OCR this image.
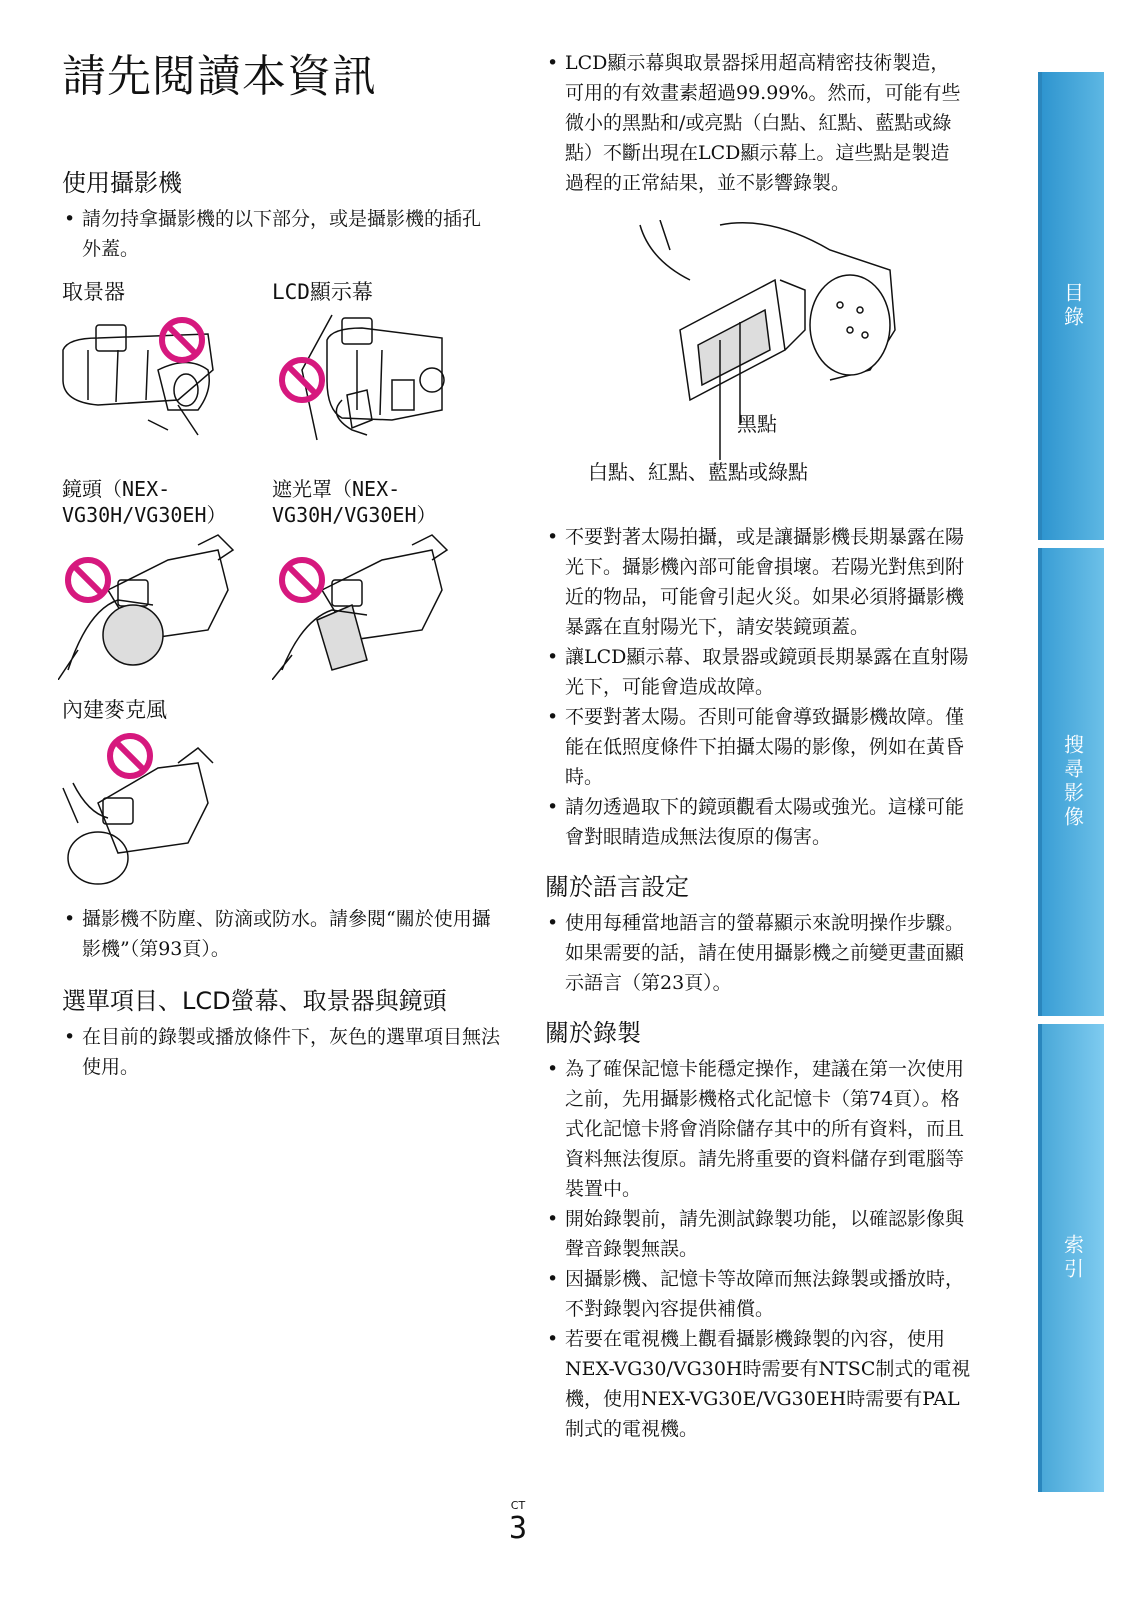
請先閱讀本資訊
使用攝影機
• 請勿持拿攝影機的以下部分，或是攝影機的插孔外蓋。
取景器	LCD顯示幕
鏡頭（NEX-VG30H/VG30EH）
遮光罩（NEX-VG30H/VG30EH）
內建麥克風
• 攝影機不防塵、防滴或防水。請參閱“關於使用攝影機”（第93頁）。
選單項目、LCD螢幕、取景器與鏡頭
• 在目前的錄製或播放條件下，灰色的選單項目無法使用。
• LCD顯示幕與取景器採用超高精密技術製造，可用的有效畫素超過99.99%。然而，可能有些微小的黑點和/或亮點（白點、紅點、藍點或綠點）不斷出現在LCD顯示幕上。這些點是製造過程的正常結果，並不影響錄製。
黑點
白點、紅點、藍點或綠點
• 不要對著太陽拍攝，或是讓攝影機長期暴露在陽光下。攝影機內部可能會損壞。若陽光對焦到附近的物品，可能會引起火災。如果必須將攝影機暴露在直射陽光下，請安裝鏡頭蓋。
• 讓LCD顯示幕、取景器或鏡頭長期暴露在直射陽光下，可能會造成故障。
• 不要對著太陽。否則可能會導致攝影機故障。僅能在低照度條件下拍攝太陽的影像，例如在黃昏時。
• 請勿透過取下的鏡頭觀看太陽或強光。這樣可能會對眼睛造成無法復原的傷害。
關於語言設定
• 使用每種當地語言的螢幕顯示來說明操作步驟。如果需要的話，請在使用攝影機之前變更畫面顯示語言（第23頁）。
關於錄製
• 為了確保記憶卡能穩定操作，建議在第一次使用之前，先用攝影機格式化記憶卡（第74頁）。格式化記憶卡將會消除儲存其中的所有資料，而且資料無法復原。請先將重要的資料儲存到電腦等裝置中。
• 開始錄製前，請先測試錄製功能，以確認影像與聲音錄製無誤。
• 因攝影機、記憶卡等故障而無法錄製或播放時，不對錄製內容提供補償。
• 若要在電視機上觀看攝影機錄製的內容，使用NEX-VG30/VG30H時需要有NTSC制式的電視機，使用NEX-VG30E/VG30EH時需要有PAL制式的電視機。
目錄
搜尋影像
索引
CT
3
